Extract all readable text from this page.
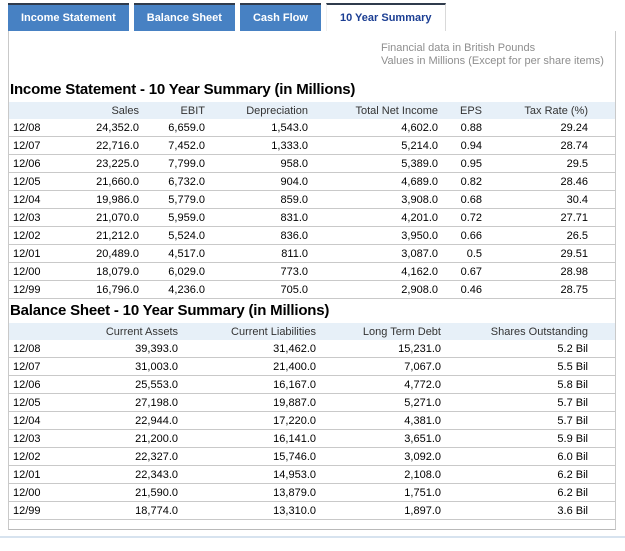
Income Statement	Balance Sheet	Cash Flow	10 Year Summary
Financial data in British Pounds
Values in Millions (Except for per share items)
Income Statement - 10 Year Summary (in Millions)
	Sales	EBIT	Depreciation	Total Net Income	EPS	Tax Rate (%)
12/08	24,352.0	6,659.0	1,543.0	4,602.0	0.88	29.24
12/07	22,716.0	7,452.0	1,333.0	5,214.0	0.94	28.74
12/06	23,225.0	7,799.0	958.0	5,389.0	0.95	29.5
12/05	21,660.0	6,732.0	904.0	4,689.0	0.82	28.46
12/04	19,986.0	5,779.0	859.0	3,908.0	0.68	30.4
12/03	21,070.0	5,959.0	831.0	4,201.0	0.72	27.71
12/02	21,212.0	5,524.0	836.0	3,950.0	0.66	26.5
12/01	20,489.0	4,517.0	811.0	3,087.0	0.5	29.51
12/00	18,079.0	6,029.0	773.0	4,162.0	0.67	28.98
12/99	16,796.0	4,236.0	705.0	2,908.0	0.46	28.75
Balance Sheet - 10 Year Summary (in Millions)
	Current Assets	Current Liabilities	Long Term Debt	Shares Outstanding
12/08	39,393.0	31,462.0	15,231.0	5.2 Bil
12/07	31,003.0	21,400.0	7,067.0	5.5 Bil
12/06	25,553.0	16,167.0	4,772.0	5.8 Bil
12/05	27,198.0	19,887.0	5,271.0	5.7 Bil
12/04	22,944.0	17,220.0	4,381.0	5.7 Bil
12/03	21,200.0	16,141.0	3,651.0	5.9 Bil
12/02	22,327.0	15,746.0	3,092.0	6.0 Bil
12/01	22,343.0	14,953.0	2,108.0	6.2 Bil
12/00	21,590.0	13,879.0	1,751.0	6.2 Bil
12/99	18,774.0	13,310.0	1,897.0	3.6 Bil
